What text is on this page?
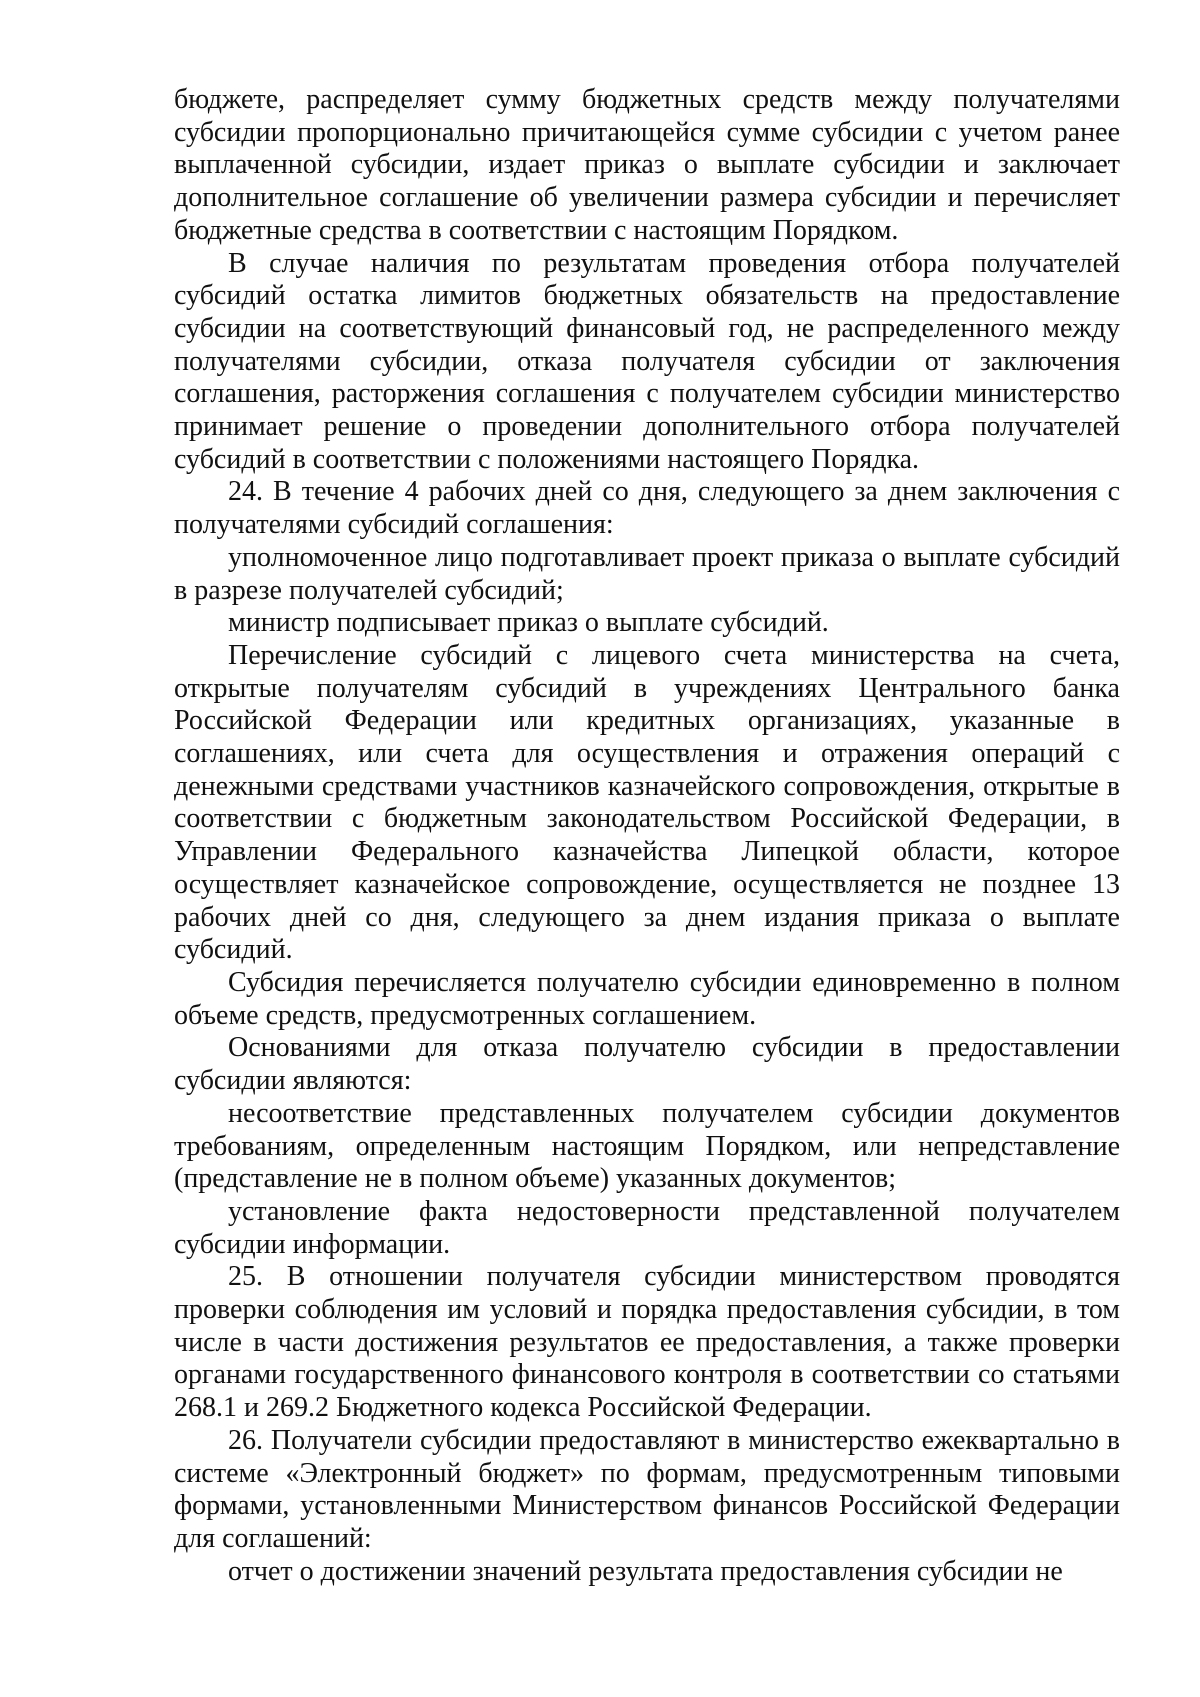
бюджете, распределяет сумму бюджетных средств между получателями субсидии пропорционально причитающейся сумме субсидии с учетом ранее выплаченной субсидии, издает приказ о выплате субсидии и заключает дополнительное соглашение об увеличении размера субсидии и перечисляет бюджетные средства в соответствии с настоящим Порядком.

В случае наличия по результатам проведения отбора получателей субсидий остатка лимитов бюджетных обязательств на предоставление субсидии на соответствующий финансовый год, не распределенного между получателями субсидии, отказа получателя субсидии от заключения соглашения, расторжения соглашения с получателем субсидии министерство принимает решение о проведении дополнительного отбора получателей субсидий в соответствии с положениями настоящего Порядка.

24. В течение 4 рабочих дней со дня, следующего за днем заключения с получателями субсидий соглашения:

уполномоченное лицо подготавливает проект приказа о выплате субсидий в разрезе получателей субсидий;

министр подписывает приказ о выплате субсидий.

Перечисление субсидий с лицевого счета министерства на счета, открытые получателям субсидий в учреждениях Центрального банка Российской Федерации или кредитных организациях, указанные в соглашениях, или счета для осуществления и отражения операций с денежными средствами участников казначейского сопровождения, открытые в соответствии с бюджетным законодательством Российской Федерации, в Управлении Федерального казначейства Липецкой области, которое осуществляет казначейское сопровождение, осуществляется не позднее 13 рабочих дней со дня, следующего за днем издания приказа о выплате субсидий.

Субсидия перечисляется получателю субсидии единовременно в полном объеме средств, предусмотренных соглашением.

Основаниями для отказа получателю субсидии в предоставлении субсидии являются:

несоответствие представленных получателем субсидии документов требованиям, определенным настоящим Порядком, или непредставление (представление не в полном объеме) указанных документов;

установление факта недостоверности представленной получателем субсидии информации.

25. В отношении получателя субсидии министерством проводятся проверки соблюдения им условий и порядка предоставления субсидии, в том числе в части достижения результатов ее предоставления, а также проверки органами государственного финансового контроля в соответствии со статьями 268.1 и 269.2 Бюджетного кодекса Российской Федерации.

26. Получатели субсидии предоставляют в министерство ежеквартально в системе «Электронный бюджет» по формам, предусмотренным типовыми формами, установленными Министерством финансов Российской Федерации для соглашений:

отчет о достижении значений результата предоставления субсидии не
